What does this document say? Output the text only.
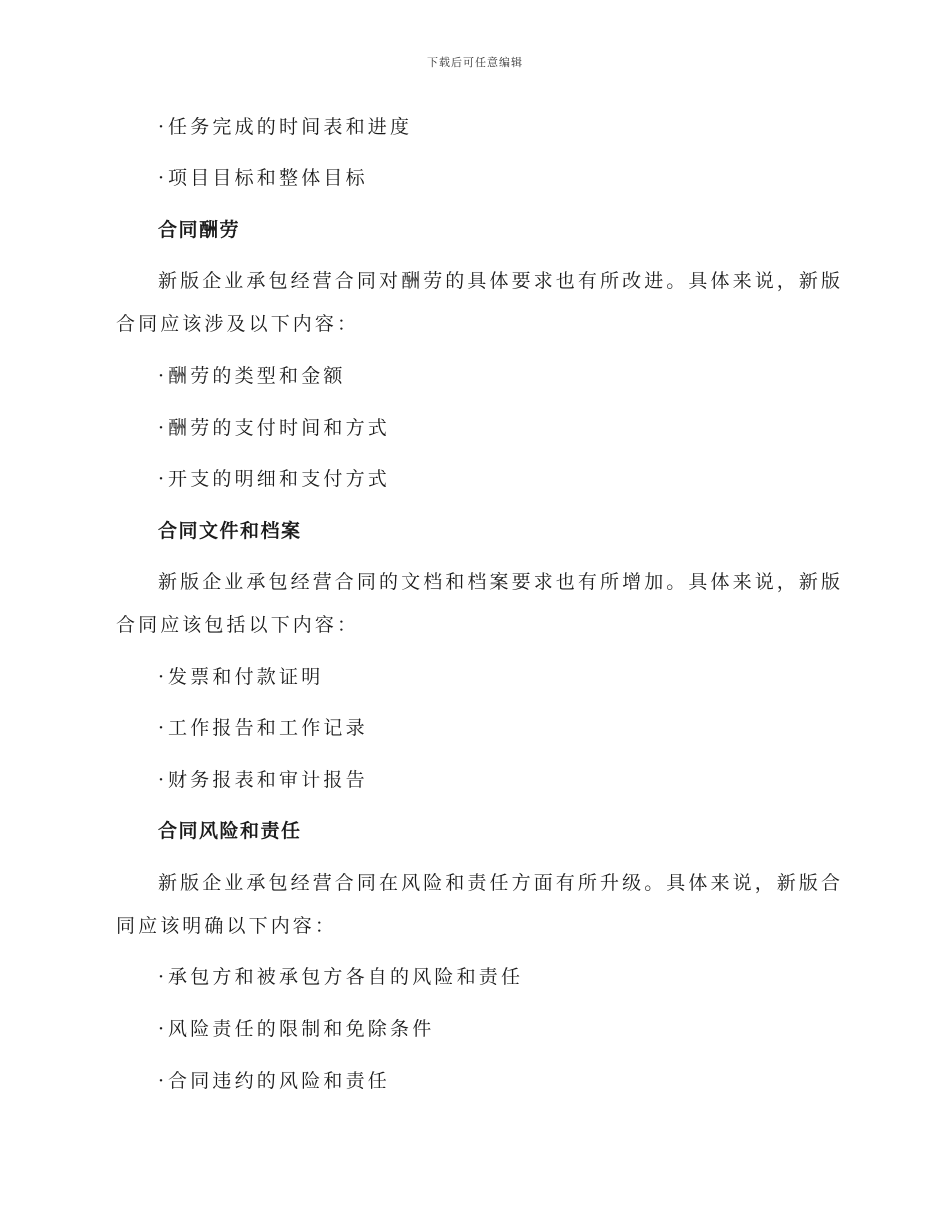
下载后可任意编辑
· 任务完成的时间表和进度
· 项目目标和整体目标
合同酬劳
新版企业承包经营合同对酬劳的具体要求也有所改进。具体来说，新版
合同应该涉及以下内容：
· 酬劳的类型和金额
· 酬劳的支付时间和方式
· 开支的明细和支付方式
合同文件和档案
新版企业承包经营合同的文档和档案要求也有所增加。具体来说，新版
合同应该包括以下内容：
· 发票和付款证明
· 工作报告和工作记录
· 财务报表和审计报告
合同风险和责任
新版企业承包经营合同在风险和责任方面有所升级。具体来说，新版合
同应该明确以下内容：
· 承包方和被承包方各自的风险和责任
· 风险责任的限制和免除条件
· 合同违约的风险和责任
